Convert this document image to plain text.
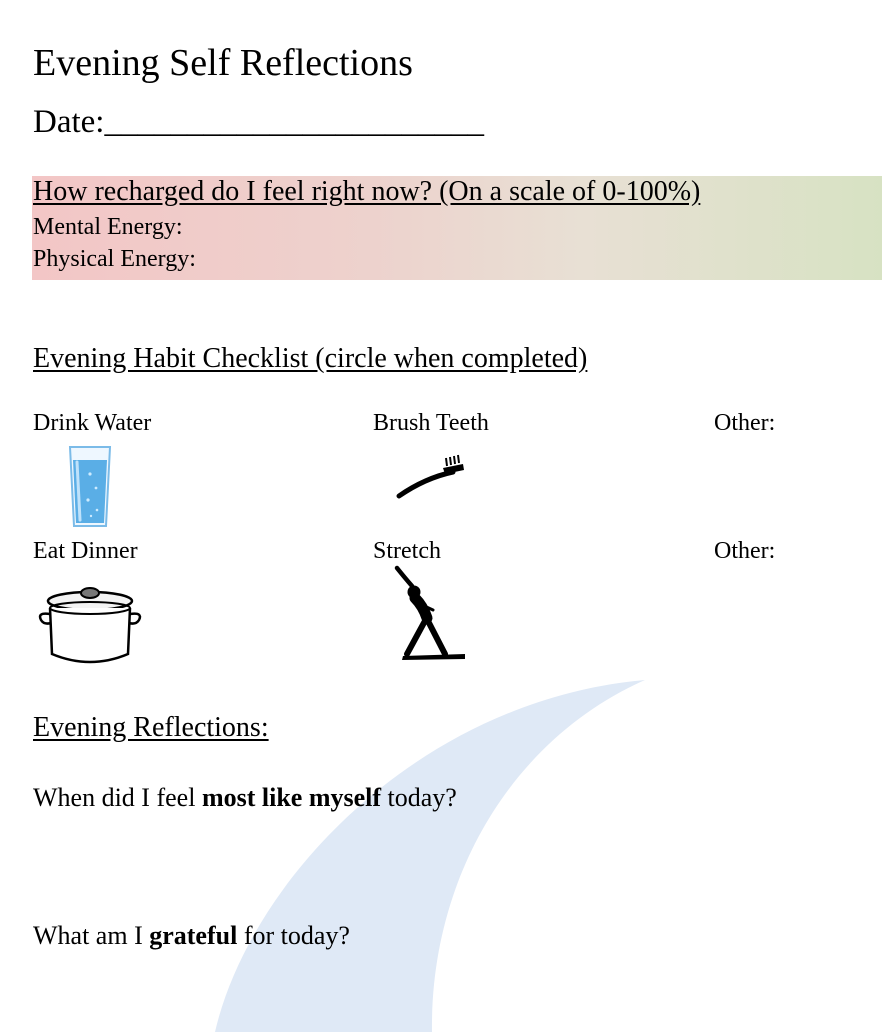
Evening Self Reflections
Date:_______________________
How recharged do I feel right now? (On a scale of 0-100%)
Mental Energy:
Physical Energy:
Evening Habit Checklist (circle when completed)
Drink Water	Brush Teeth	Other:
Eat Dinner	Stretch	Other:
Evening Reflections:
When did I feel most like myself today?
What am I grateful for today?
